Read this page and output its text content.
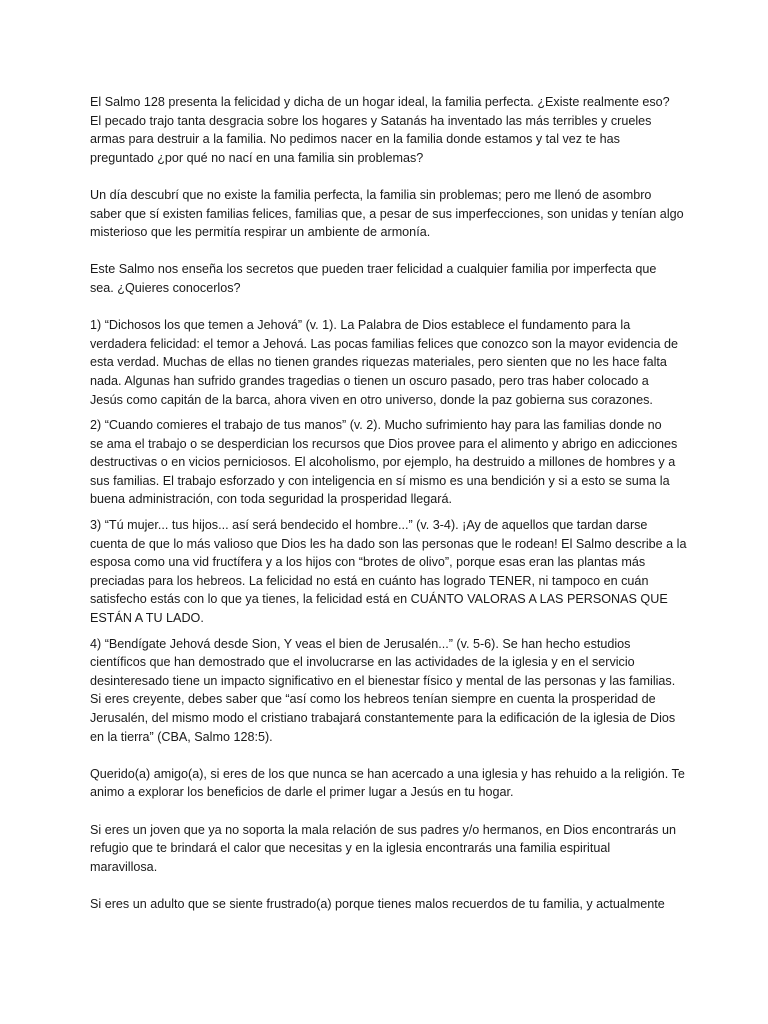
El Salmo 128 presenta la felicidad y dicha de un hogar ideal, la familia perfecta. ¿Existe realmente eso?
El pecado trajo tanta desgracia sobre los hogares y Satanás ha inventado las más terribles y crueles
armas para destruir a la familia. No pedimos nacer en la familia donde estamos y tal vez te has
preguntado ¿por qué no nací en una familia sin problemas?

Un día descubrí que no existe la familia perfecta, la familia sin problemas; pero me llenó de asombro
saber que sí existen familias felices, familias que, a pesar de sus imperfecciones, son unidas y tenían algo
misterioso que les permitía respirar un ambiente de armonía.

Este Salmo nos enseña los secretos que pueden traer felicidad a cualquier familia por imperfecta que
sea. ¿Quieres conocerlos?

1) “Dichosos los que temen a Jehová” (v. 1). La Palabra de Dios establece el fundamento para la
verdadera felicidad: el temor a Jehová. Las pocas familias felices que conozco son la mayor evidencia de
esta verdad. Muchas de ellas no tienen grandes riquezas materiales, pero sienten que no les hace falta
nada. Algunas han sufrido grandes tragedias o tienen un oscuro pasado, pero tras haber colocado a
Jesús como capitán de la barca, ahora viven en otro universo, donde la paz gobierna sus corazones.

2) “Cuando comieres el trabajo de tus manos” (v. 2). Mucho sufrimiento hay para las familias donde no
se ama el trabajo o se desperdician los recursos que Dios provee para el alimento y abrigo en adicciones
destructivas o en vicios perniciosos. El alcoholismo, por ejemplo, ha destruido a millones de hombres y a
sus familias. El trabajo esforzado y con inteligencia en sí mismo es una bendición y si a esto se suma la
buena administración, con toda seguridad la prosperidad llegará.

3) “Tú mujer... tus hijos... así será bendecido el hombre...” (v. 3-4). ¡Ay de aquellos que tardan darse
cuenta de que lo más valioso que Dios les ha dado son las personas que le rodean! El Salmo describe a la
esposa como una vid fructífera y a los hijos con “brotes de olivo”, porque esas eran las plantas más
preciadas para los hebreos. La felicidad no está en cuánto has logrado TENER, ni tampoco en cuán
satisfecho estás con lo que ya tienes, la felicidad está en CUÁNTO VALORAS A LAS PERSONAS QUE
ESTÁN A TU LADO.

4) “Bendígate Jehová desde Sion, Y veas el bien de Jerusalén...” (v. 5-6). Se han hecho estudios
científicos que han demostrado que el involucrarse en las actividades de la iglesia y en el servicio
desinteresado tiene un impacto significativo en el bienestar físico y mental de las personas y las familias.
Si eres creyente, debes saber que “así como los hebreos tenían siempre en cuenta la prosperidad de
Jerusalén, del mismo modo el cristiano trabajará constantemente para la edificación de la iglesia de Dios
en la tierra” (CBA, Salmo 128:5).

Querido(a) amigo(a), si eres de los que nunca se han acercado a una iglesia y has rehuido a la religión. Te
animo a explorar los beneficios de darle el primer lugar a Jesús en tu hogar.

Si eres un joven que ya no soporta la mala relación de sus padres y/o hermanos, en Dios encontrarás un
refugio que te brindará el calor que necesitas y en la iglesia encontrarás una familia espiritual
maravillosa.

Si eres un adulto que se siente frustrado(a) porque tienes malos recuerdos de tu familia, y actualmente
